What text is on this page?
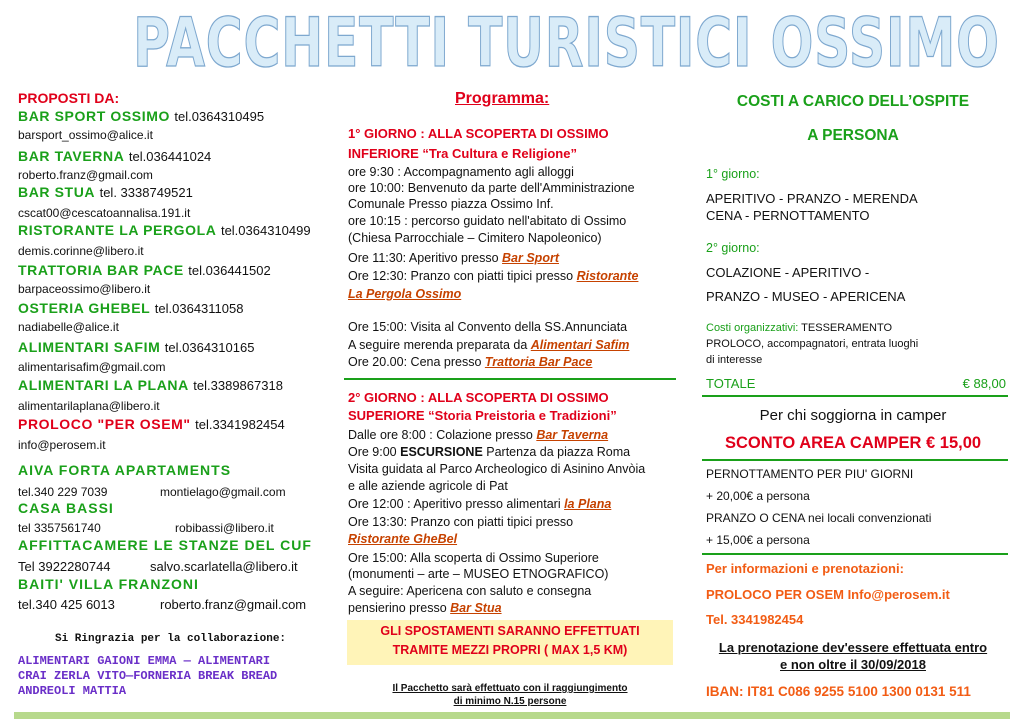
PACCHETTI TURISTICI OSSIMO
PROPOSTI DA:
BAR SPORT OSSIMO tel.0364310495
barsport_ossimo@alice.it
BAR TAVERNA tel.036441024
roberto.franz@gmail.com
BAR STUA tel. 3338749521
cscat00@cescatoannalisa.191.it
RISTORANTE LA PERGOLA tel.0364310499
demis.corinne@libero.it
TRATTORIA BAR PACE tel.036441502
barpaceossimo@libero.it
OSTERIA GHEBEL tel.0364311058
nadiabelle@alice.it
ALIMENTARI SAFIM tel.0364310165
alimentarisafim@gmail.com
ALIMENTARI LA PLANA tel.3389867318
alimentarilaplana@libero.it
PROLOCO "PER OSEM" tel.3341982454
info@perosem.it
AIVA FORTA APARTAMENTS
tel.340 229 7039	montielago@gmail.com
CASA BASSI
tel 3357561740	robibassi@libero.it
AFFITTACAMERE LE STANZE DEL CUF
Tel 3922280744	salvo.scarlatella@libero.it
BAITI' VILLA FRANZONI
tel.340 425 6013	roberto.franz@gmail.com
Si Ringrazia per la collaborazione:
ALIMENTARI GAIONI EMMA — ALIMENTARI
CRAI ZERLA VITO—FORNERIA BREAK BREAD
ANDREOLI MATTIA
Programma:
1° GIORNO : ALLA SCOPERTA DI OSSIMO
INFERIORE “Tra Cultura e Religione”
ore 9:30 : Accompagnamento agli alloggi
ore 10:00: Benvenuto da parte dell'Amministrazione
Comunale Presso piazza Ossimo Inf.
ore 10:15 : percorso guidato nell'abitato di Ossimo
(Chiesa Parrocchiale – Cimitero Napoleonico)
Ore 11:30: Aperitivo presso Bar Sport
Ore 12:30: Pranzo con piatti tipici presso Ristorante
La Pergola Ossimo
Ore 15:00: Visita al Convento della SS.Annunciata
A seguire merenda preparata da Alimentari Safim
Ore 20.00: Cena presso Trattoria Bar Pace
2° GIORNO : ALLA SCOPERTA DI OSSIMO
SUPERIORE “Storia Preistoria e Tradizioni”
Dalle ore 8:00 : Colazione presso Bar Taverna
Ore 9:00 ESCURSIONE Partenza da piazza Roma
Visita guidata al Parco Archeologico di Asinino Anvòia
e alle aziende agricole di Pat
Ore 12:00 : Aperitivo presso alimentari la Plana
Ore 13:30: Pranzo con piatti tipici presso
Ristorante GheBel
Ore 15:00: Alla scoperta di Ossimo Superiore
(monumenti – arte – MUSEO ETNOGRAFICO)
A seguire: Apericena con saluto e consegna
pensierino presso Bar Stua
GLI SPOSTAMENTI SARANNO EFFETTUATI
TRAMITE MEZZI PROPRI ( MAX 1,5 KM)
Il Pacchetto sarà effettuato con il raggiungimento
di minimo N.15 persone
COSTI A CARICO DELL’OSPITE
A PERSONA
1° giorno:
APERITIVO - PRANZO - MERENDA
CENA - PERNOTTAMENTO
2° giorno:
COLAZIONE - APERITIVO -
PRANZO - MUSEO - APERICENA
Costi organizzativi: TESSERAMENTO
PROLOCO, accompagnatori, entrata luoghi
di interesse
TOTALE	€ 88,00
Per chi soggiorna in camper
SCONTO AREA CAMPER € 15,00
PERNOTTAMENTO PER PIU' GIORNI
+ 20,00€ a persona
PRANZO O CENA nei locali convenzionati
+ 15,00€ a persona
Per informazioni e prenotazioni:
PROLOCO PER OSEM Info@perosem.it
Tel. 3341982454
La prenotazione dev'essere effettuata entro
e non oltre il 30/09/2018
IBAN: IT81 C086 9255 5100 1300 0131 511
